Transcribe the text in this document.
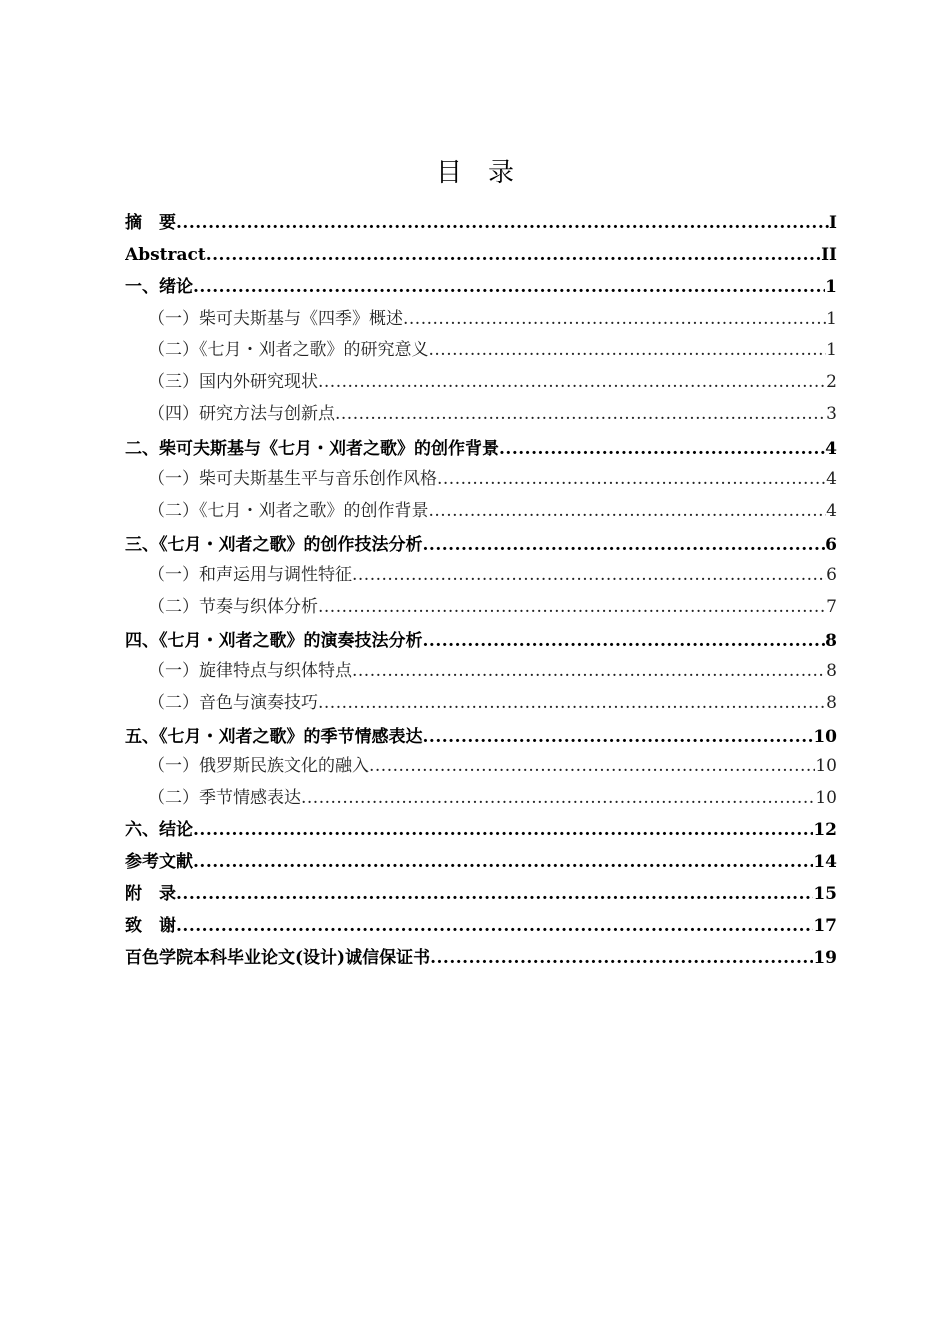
目录
摘　要 .....	I
Abstract .....	II
一、绪论 .....	1
（一）柴可夫斯基与《四季》概述 .....	1
（二）《七月・刈者之歌》的研究意义 .....	1
（三）国内外研究现状 .....	2
（四）研究方法与创新点 .....	3
二、柴可夫斯基与《七月・刈者之歌》的创作背景 .....	4
（一）柴可夫斯基生平与音乐创作风格 .....	4
（二）《七月・刈者之歌》的创作背景 .....	4
三、《七月・刈者之歌》的创作技法分析 .....	6
（一）和声运用与调性特征 .....	6
（二）节奏与织体分析 .....	7
四、《七月・刈者之歌》的演奏技法分析 .....	8
（一）旋律特点与织体特点 .....	8
（二）音色与演奏技巧 .....	8
五、《七月・刈者之歌》的季节情感表达 .....	10
（一）俄罗斯民族文化的融入 .....	10
（二）季节情感表达 .....	10
六、结论 .....	12
参考文献 .....	14
附　录 .....	15
致　谢 .....	17
百色学院本科毕业论文(设计)诚信保证书 .....	19
